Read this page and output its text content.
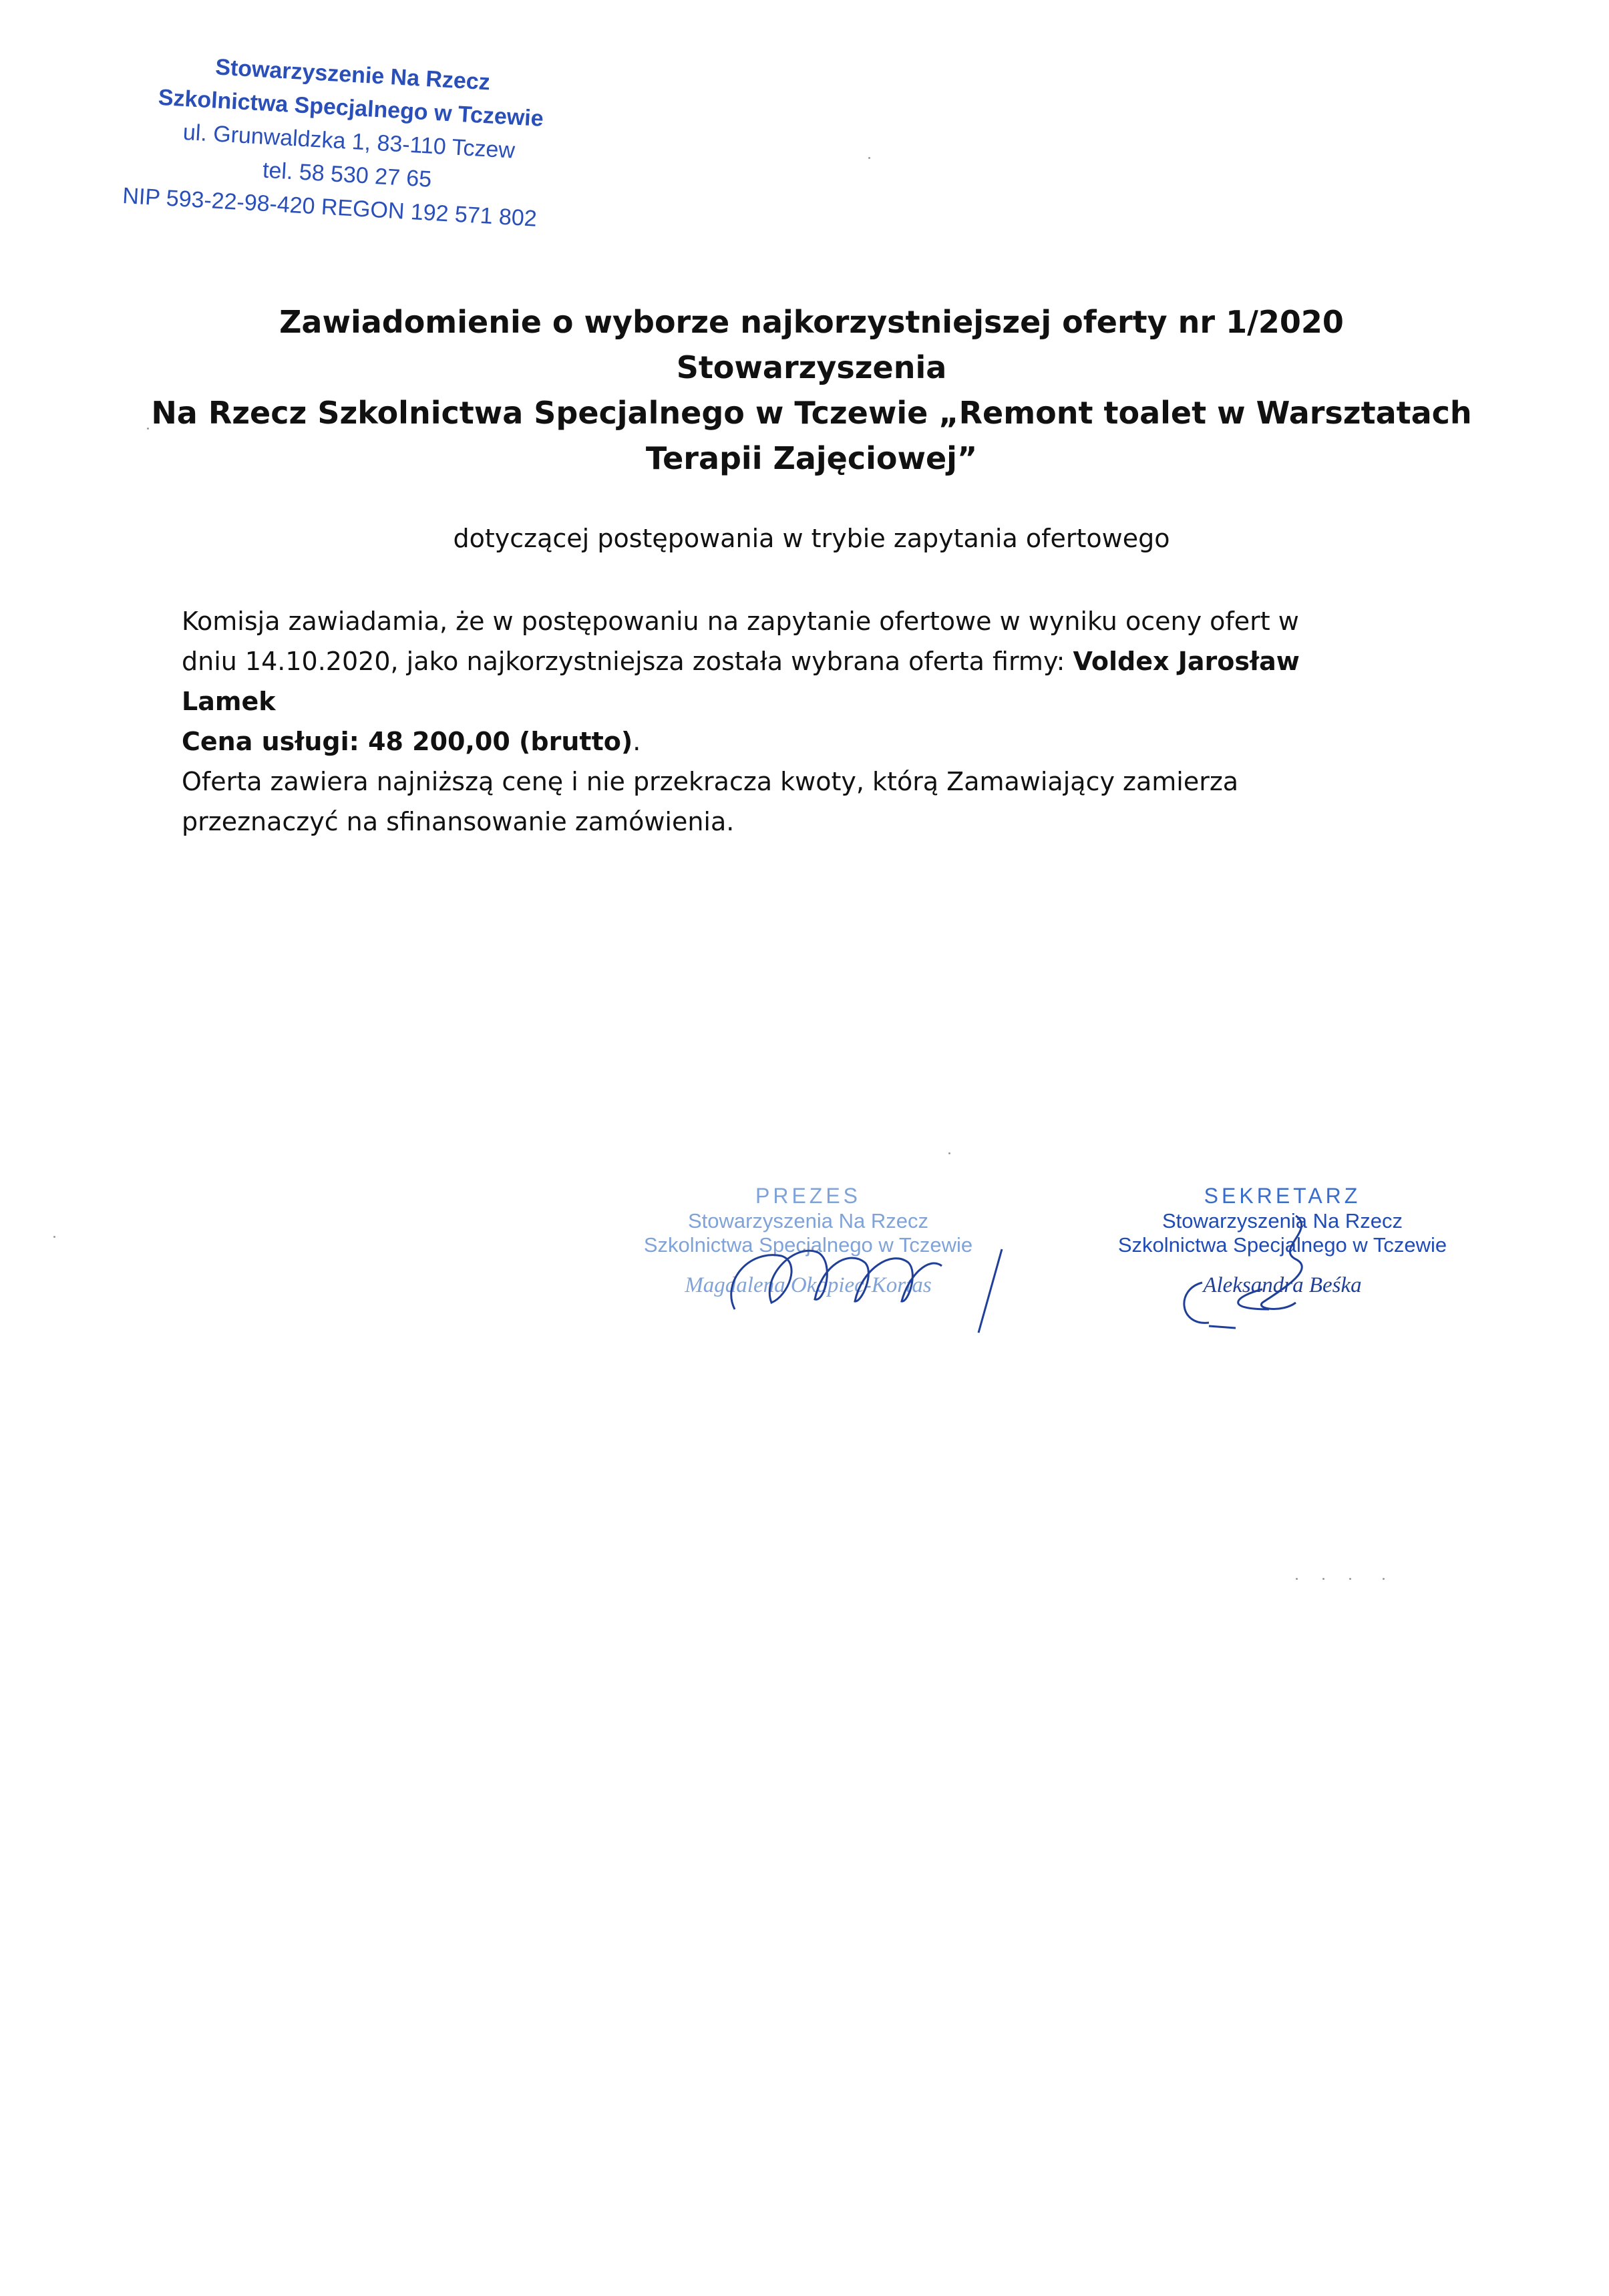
Stowarzyszenie Na Rzecz
Szkolnictwa Specjalnego w Tczewie
ul. Grunwaldzka 1, 83-110 Tczew
tel. 58 530 27 65
NIP 593-22-98-420 REGON 192 571 802
Zawiadomienie o wyborze najkorzystniejszej oferty nr 1/2020 Stowarzyszenia
Na Rzecz Szkolnictwa Specjalnego w Tczewie „Remont toalet w Warsztatach
Terapii Zajęciowej”
dotyczącej postępowania w trybie zapytania ofertowego
Komisja zawiadamia, że w postępowaniu na zapytanie ofertowe w wyniku oceny ofert w
dniu 14.10.2020, jako najkorzystniejsza została wybrana oferta firmy: Voldex Jarosław
Lamek
Cena usługi: 48 200,00 (brutto).
Oferta zawiera najniższą cenę i nie przekracza kwoty, którą Zamawiający zamierza
przeznaczyć na sfinansowanie zamówienia.
PREZES
Stowarzyszenia Na Rzecz
Szkolnictwa Specjalnego w Tczewie
Magdalena Okapiec-Kortas
SEKRETARZ
Stowarzyszenia Na Rzecz
Szkolnictwa Specjalnego w Tczewie
Aleksandra Beśka
